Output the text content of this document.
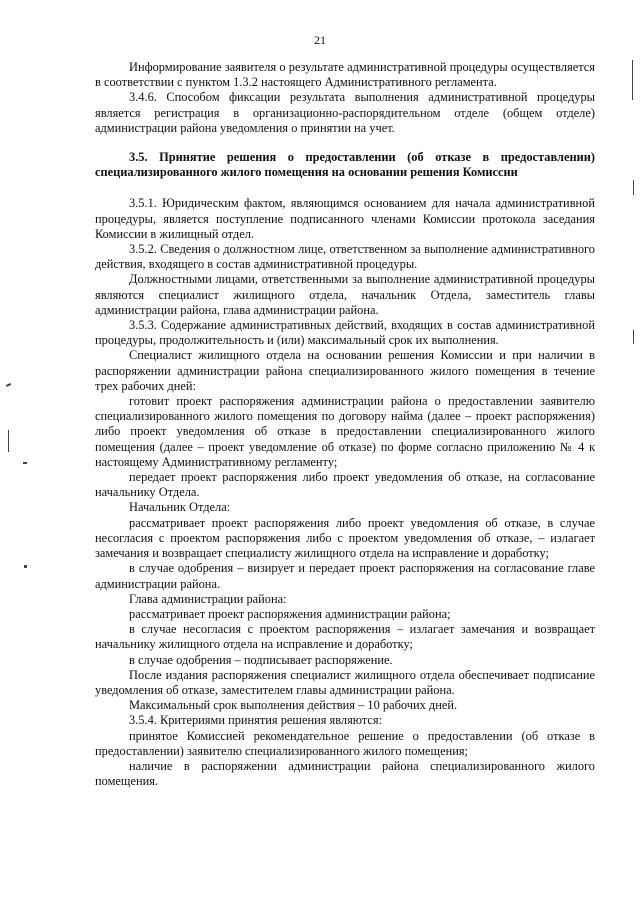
21

Информирование заявителя о результате административной процедуры осуществляется в соответствии с пунктом 1.3.2 настоящего Административного регламента.

3.4.6. Способом фиксации результата выполнения административной процедуры является регистрация в организационно-распорядительном отделе (общем отделе) администрации района уведомления о принятии на учет.

3.5. Принятие решения о предоставлении (об отказе в предоставлении) специализированного жилого помещения на основании решения Комиссии

3.5.1. Юридическим фактом, являющимся основанием для начала административной процедуры, является поступление подписанного членами Комиссии протокола заседания Комиссии в жилищный отдел.

3.5.2. Сведения о должностном лице, ответственном за выполнение административного действия, входящего в состав административной процедуры.

Должностными лицами, ответственными за выполнение административной процедуры являются специалист жилищного отдела, начальник Отдела, заместитель главы администрации района, глава администрации района.

3.5.3. Содержание административных действий, входящих в состав административной процедуры, продолжительность и (или) максимальный срок их выполнения.

Специалист жилищного отдела на основании решения Комиссии и при наличии в распоряжении администрации района специализированного жилого помещения в течение трех рабочих дней:

готовит проект распоряжения администрации района о предоставлении заявителю специализированного жилого помещения по договору найма (далее – проект распоряжения) либо проект уведомления об отказе в предоставлении специализированного жилого помещения (далее – проект уведомление об отказе) по форме согласно приложению № 4 к настоящему Административному регламенту;

передает проект распоряжения либо проект уведомления об отказе, на согласование начальнику Отдела.

Начальник Отдела:

рассматривает проект распоряжения либо проект уведомления об отказе, в случае несогласия с проектом распоряжения либо с проектом уведомления об отказе, – излагает замечания и возвращает специалисту жилищного отдела на исправление и доработку;

в случае одобрения – визирует и передает проект распоряжения на согласование главе администрации района.

Глава администрации района:

рассматривает проект распоряжения администрации района;

в случае несогласия с проектом распоряжения – излагает замечания и возвращает начальнику жилищного отдела на исправление и доработку;

в случае одобрения – подписывает распоряжение.

После издания распоряжения специалист жилищного отдела обеспечивает подписание уведомления об отказе, заместителем главы администрации района.

Максимальный срок выполнения действия – 10 рабочих дней.

3.5.4. Критериями принятия решения являются:

принятое Комиссией рекомендательное решение о предоставлении (об отказе в предоставлении) заявителю специализированного жилого помещения;

наличие в распоряжении администрации района специализированного жилого помещения.
